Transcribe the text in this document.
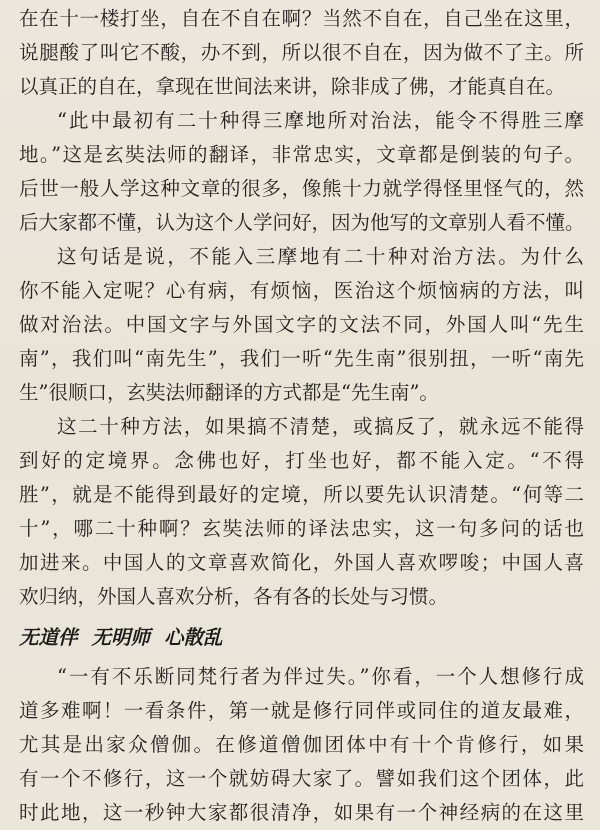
在在十一楼打坐，自在不自在啊？当然不自在，自己坐在这里，
说腿酸了叫它不酸，办不到，所以很不自在，因为做不了主。所
以真正的自在，拿现在世间法来讲，除非成了佛，才能真自在。
“此中最初有二十种得三摩地所对治法，能令不得胜三摩
地。”这是玄奘法师的翻译，非常忠实，文章都是倒装的句子。
后世一般人学这种文章的很多，像熊十力就学得怪里怪气的，然
后大家都不懂，认为这个人学问好，因为他写的文章别人看不懂。
这句话是说，不能入三摩地有二十种对治方法。为什么
你不能入定呢？心有病，有烦恼，医治这个烦恼病的方法，叫
做对治法。中国文字与外国文字的文法不同，外国人叫“先生
南”，我们叫“南先生”，我们一听“先生南”很别扭，一听“南先
生”很顺口，玄奘法师翻译的方式都是“先生南”。
这二十种方法，如果搞不清楚，或搞反了，就永远不能得
到好的定境界。念佛也好，打坐也好，都不能入定。“不得
胜”，就是不能得到最好的定境，所以要先认识清楚。“何等二
十”，哪二十种啊？玄奘法师的译法忠实，这一句多问的话也
加进来。中国人的文章喜欢简化，外国人喜欢啰唆；中国人喜
欢归纳，外国人喜欢分析，各有各的长处与习惯。
无道伴 无明师 心散乱
“一有不乐断同梵行者为伴过失。”你看，一个人想修行成
道多难啊！一看条件，第一就是修行同伴或同住的道友最难，
尤其是出家众僧伽。在修道僧伽团体中有十个肯修行，如果
有一个不修行，这一个就妨碍大家了。譬如我们这个团体，此
时此地，这一秒钟大家都很清净，如果有一个神经病的在这里
